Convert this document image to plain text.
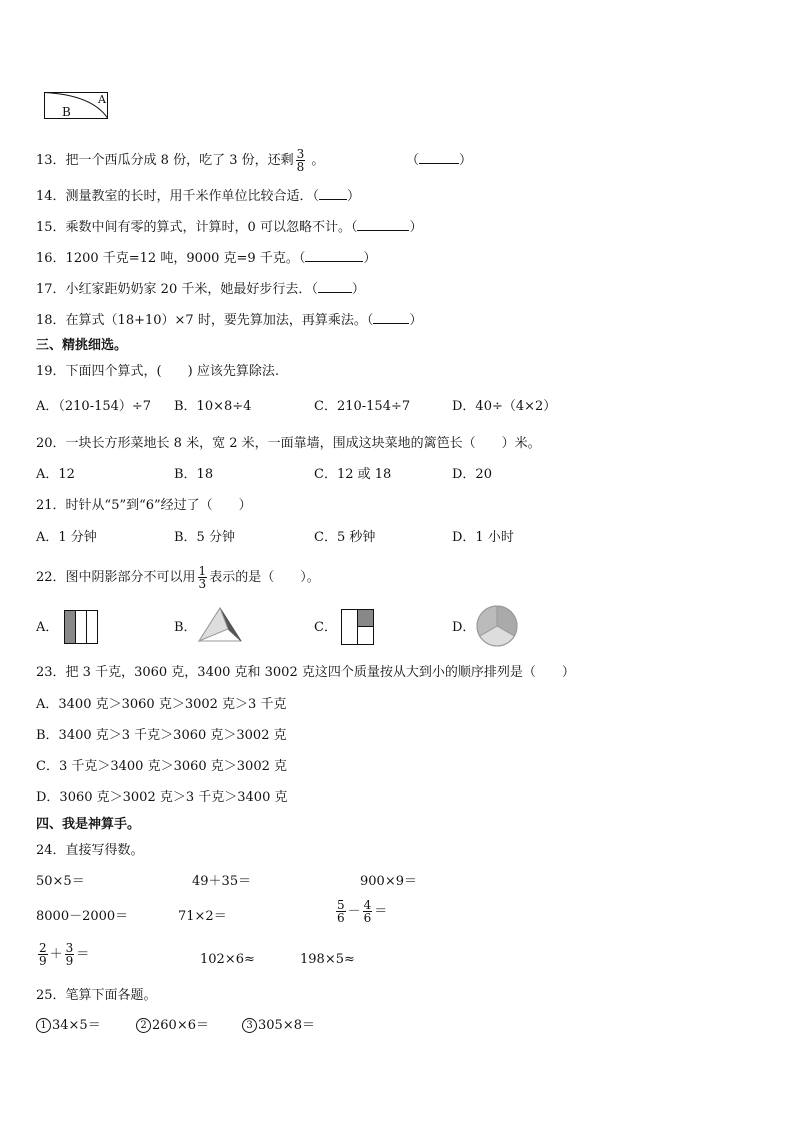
B
A
13．把一个西瓜分成 8 份，吃了 3 份，还剩 $\frac{3}{8}$ 。	（	）
14．测量教室的长时，用千米作单位比较合适．（ ）
15．乘数中间有零的算式，计算时，0 可以忽略不计。（	）
16．1200 千克=12 吨，9000 克=9 千克。（	）
17．小红家距奶奶家 20 千米，她最好步行去．（	）
18．在算式（18+10）×7 时，要先算加法，再算乘法。（	）
三、精挑细选。
19．下面四个算式，(　　) 应该先算除法.
A．（210-154）÷7 B．10×8÷4	C．210-154÷7	D．40÷（4×2）
20．一块长方形菜地长 8 米，宽 2 米，一面靠墙，围成这块菜地的篱笆长（　　）米。
A．12	B．18	C．12 或 18	D．20
21．时针从“5”到“6”经过了（　　）
A．1 分钟	B．5 分钟	C．5 秒钟	D．1 小时
22．图中阴影部分不可以用 $\frac{1}{3}$ 表示的是（　　）。
A．	B．	C．	D．
23．把 3 千克，3060 克，3400 克和 3002 克这四个质量按从大到小的顺序排列是（　　）
A．3400 克＞3060 克＞3002 克＞3 千克
B．3400 克＞3 千克＞3060 克＞3002 克
C．3 千克＞3400 克＞3060 克＞3002 克
D．3060 克＞3002 克＞3 千克＞3400 克
四、我是神算手。
24．直接写得数。
50×5＝	49＋35＝	900×9＝
8000－2000＝	71×2＝	$\frac{5}{6} - \frac{4}{6}$ ＝
$\frac{2}{9} + \frac{3}{9}$ ＝	102×6≈	198×5≈
25．笔算下面各题。
1 34×5＝	2 260×6＝	3 305×8＝
